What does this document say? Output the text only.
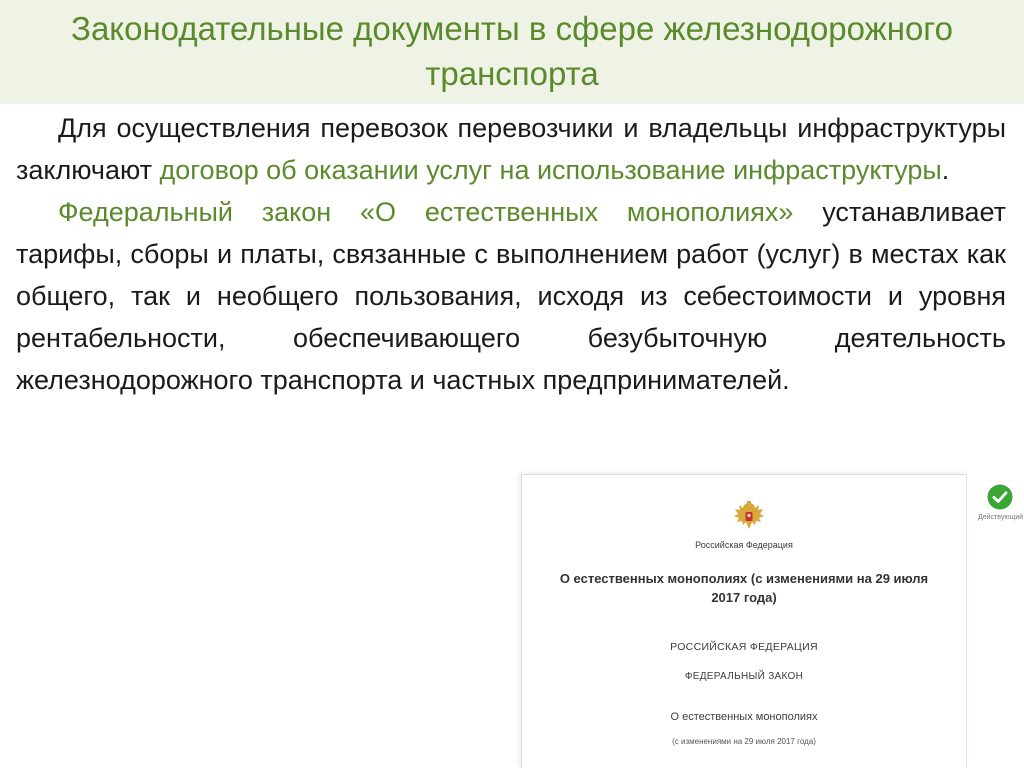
Законодательные документы в сфере железнодорожного транспорта

Для осуществления перевозок перевозчики и владельцы инфраструктуры заключают договор об оказании услуг на использование инфраструктуры.

Федеральный закон «О естественных монополиях» устанавливает тарифы, сборы и платы, связанные с выполнением работ (услуг) в местах как общего, так и необщего пользования, исходя из себестоимости и уровня рентабельности, обеспечивающего безубыточную деятельность железнодорожного транспорта и частных предпринимателей.

Российская Федерация
О естественных монополиях (с изменениями на 29 июля 2017 года)
РОССИЙСКАЯ ФЕДЕРАЦИЯ
ФЕДЕРАЛЬНЫЙ ЗАКОН
О естественных монополиях
(с изменениями на 29 июля 2017 года)
Действующий
